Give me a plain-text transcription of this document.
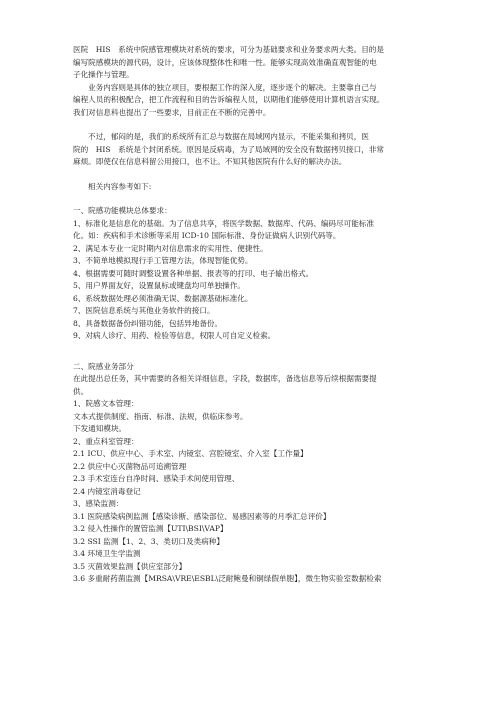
医院　HIS　系统中院感管理模块对系统的要求，可分为基础要求和业务要求两大类。目的是
编写院感模块的源代码，设计，应该体现整体性和唯一性。能够实现高效准确直观智能的电
子化操作与管理。
业务内容则是具体的独立项目，要根据工作的深入度，逐步逐个的解决。主要靠自己与
编程人员的积极配合，把工作流程和目的告诉编程人员，以期他们能够使用计算机语言实现。
我们对信息科也提出了一些要求，目前正在不断的完善中。
不过，郁闷的是，我们的系统所有汇总与数据在局域网内显示，不能采集和拷贝，医
院的　HIS　系统是个封闭系统。原因是反病毒，为了局域网的安全没有数据拷贝接口，非常
麻烦。即使仅在信息科留公用接口，也不让。不知其他医院有什么好的解决办法。
相关内容参考如下:
一、院感功能模块总体要求：
1、标准化是信息化的基础。为了信息共享，将医学数据、数据库、代码、编码尽可能标准
化。如：疾病和手术诊断等采用 ICD-10 国际标准、身份证做病人识别代码等。
2、满足本专业一定时期内对信息需求的实用性、便捷性。
3、不简单地模拟现行手工管理方法，体现智能优势。
4、根据需要可随时调整设置各种单据、报表等的打印、电子输出格式。
5、用户界面友好，设置鼠标或键盘均可单独操作。
6、系统数据处理必须准确无误、数据源基础标准化。
7、医院信息系统与其他业务软件的接口。
8、具备数据备份纠错功能，包括异地备份。
9、对病人诊疗、用药、检验等信息，权限人可自定义检索。
二、院感业务部分
在此提出总任务，其中需要的各相关详细信息，字段，数据库，备选信息等后续根据需要提
供。
1、院感文本管理：
文本式提供制度、指南、标准、法规，供临床参考。
下发通知模块。
2、重点科室管理：
2.1 ICU、供应中心、手术室、内镜室、宫腔镜室、介入室【工作量】
2.2 供应中心灭菌物品可追溯管理
2.3 手术室连台自净时间、感染手术间使用管理、
2.4 内镜室消毒登记
3、感染监测：
3.1 医院感染病例监测【感染诊断、感染部位、易感因素等的月季汇总评价】
3.2 侵入性操作的置管监测【UTI\BSI\VAP】
3.2 SSI 监测【1、2、3、类切口及类病种】
3.4 环境卫生学监测
3.5 灭菌效果监测【供应室部分】
3.6 多重耐药菌监测【MRSA\VRE\ESBL\泛耐鲍曼和铜绿假单胞】，微生物实验室数据检索
